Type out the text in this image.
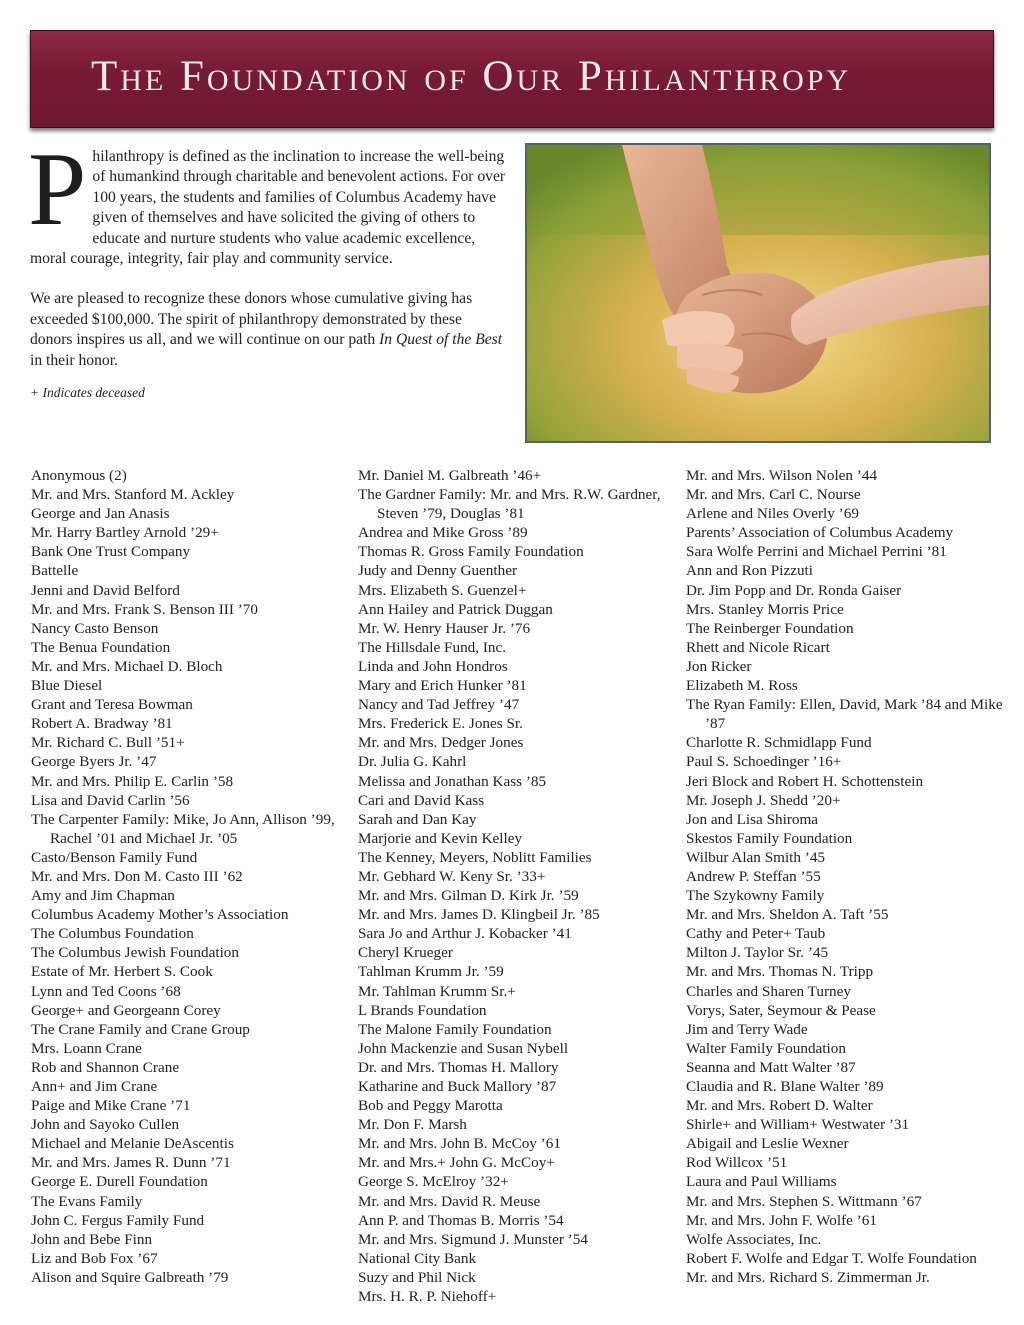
The Foundation of Our Philanthropy
P hilanthropy is defined as the inclination to increase the well-being of humankind through charitable and benevolent actions. For over 100 years, the students and families of Columbus Academy have given of themselves and have solicited the giving of others to educate and nurture students who value academic excellence, moral courage, integrity, fair play and community service.

We are pleased to recognize these donors whose cumulative giving has exceeded $100,000. The spirit of philanthropy demonstrated by these donors inspires us all, and we will continue on our path In Quest of the Best in their honor.

+ Indicates deceased

Anonymous (2)
Mr. and Mrs. Stanford M. Ackley
George and Jan Anasis
Mr. Harry Bartley Arnold ’29+
Bank One Trust Company
Battelle
Jenni and David Belford
Mr. and Mrs. Frank S. Benson III ’70
Nancy Casto Benson
The Benua Foundation
Mr. and Mrs. Michael D. Bloch
Blue Diesel
Grant and Teresa Bowman
Robert A. Bradway ’81
Mr. Richard C. Bull ’51+
George Byers Jr. ’47
Mr. and Mrs. Philip E. Carlin ’58
Lisa and David Carlin ’56
The Carpenter Family: Mike, Jo Ann, Allison ’99, Rachel ’01 and Michael Jr. ’05
Casto/Benson Family Fund
Mr. and Mrs. Don M. Casto III ’62
Amy and Jim Chapman
Columbus Academy Mother’s Association
The Columbus Foundation
The Columbus Jewish Foundation
Estate of Mr. Herbert S. Cook
Lynn and Ted Coons ’68
George+ and Georgeann Corey
The Crane Family and Crane Group
Mrs. Loann Crane
Rob and Shannon Crane
Ann+ and Jim Crane
Paige and Mike Crane ’71
John and Sayoko Cullen
Michael and Melanie DeAscentis
Mr. and Mrs. James R. Dunn ’71
George E. Durell Foundation
The Evans Family
John C. Fergus Family Fund
John and Bebe Finn
Liz and Bob Fox ’67
Alison and Squire Galbreath ’79
Mr. Daniel M. Galbreath ’46+
The Gardner Family: Mr. and Mrs. R.W. Gardner, Steven ’79, Douglas ’81
Andrea and Mike Gross ’89
Thomas R. Gross Family Foundation
Judy and Denny Guenther
Mrs. Elizabeth S. Guenzel+
Ann Hailey and Patrick Duggan
Mr. W. Henry Hauser Jr. ’76
The Hillsdale Fund, Inc.
Linda and John Hondros
Mary and Erich Hunker ’81
Nancy and Tad Jeffrey ’47
Mrs. Frederick E. Jones Sr.
Mr. and Mrs. Dedger Jones
Dr. Julia G. Kahrl
Melissa and Jonathan Kass ’85
Cari and David Kass
Sarah and Dan Kay
Marjorie and Kevin Kelley
The Kenney, Meyers, Noblitt Families
Mr. Gebhard W. Keny Sr. ’33+
Mr. and Mrs. Gilman D. Kirk Jr. ’59
Mr. and Mrs. James D. Klingbeil Jr. ’85
Sara Jo and Arthur J. Kobacker ’41
Cheryl Krueger
Tahlman Krumm Jr. ’59
Mr. Tahlman Krumm Sr.+
L Brands Foundation
The Malone Family Foundation
John Mackenzie and Susan Nybell
Dr. and Mrs. Thomas H. Mallory
Katharine and Buck Mallory ’87
Bob and Peggy Marotta
Mr. Don F. Marsh
Mr. and Mrs. John B. McCoy ’61
Mr. and Mrs.+ John G. McCoy+
George S. McElroy ’32+
Mr. and Mrs. David R. Meuse
Ann P. and Thomas B. Morris ’54
Mr. and Mrs. Sigmund J. Munster ’54
National City Bank
Suzy and Phil Nick
Mrs. H. R. P. Niehoff+
Mr. and Mrs. Wilson Nolen ’44
Mr. and Mrs. Carl C. Nourse
Arlene and Niles Overly ’69
Parents’ Association of Columbus Academy
Sara Wolfe Perrini and Michael Perrini ’81
Ann and Ron Pizzuti
Dr. Jim Popp and Dr. Ronda Gaiser
Mrs. Stanley Morris Price
The Reinberger Foundation
Rhett and Nicole Ricart
Jon Ricker
Elizabeth M. Ross
The Ryan Family: Ellen, David, Mark ’84 and Mike ’87
Charlotte R. Schmidlapp Fund
Paul S. Schoedinger ’16+
Jeri Block and Robert H. Schottenstein
Mr. Joseph J. Shedd ’20+
Jon and Lisa Shiroma
Skestos Family Foundation
Wilbur Alan Smith ’45
Andrew P. Steffan ’55
The Szykowny Family
Mr. and Mrs. Sheldon A. Taft ’55
Cathy and Peter+ Taub
Milton J. Taylor Sr. ’45
Mr. and Mrs. Thomas N. Tripp
Charles and Sharen Turney
Vorys, Sater, Seymour & Pease
Jim and Terry Wade
Walter Family Foundation
Seanna and Matt Walter ’87
Claudia and R. Blane Walter ’89
Mr. and Mrs. Robert D. Walter
Shirle+ and William+ Westwater ’31
Abigail and Leslie Wexner
Rod Willcox ’51
Laura and Paul Williams
Mr. and Mrs. Stephen S. Wittmann ’67
Mr. and Mrs. John F. Wolfe ’61
Wolfe Associates, Inc.
Robert F. Wolfe and Edgar T. Wolfe Foundation
Mr. and Mrs. Richard S. Zimmerman Jr.
